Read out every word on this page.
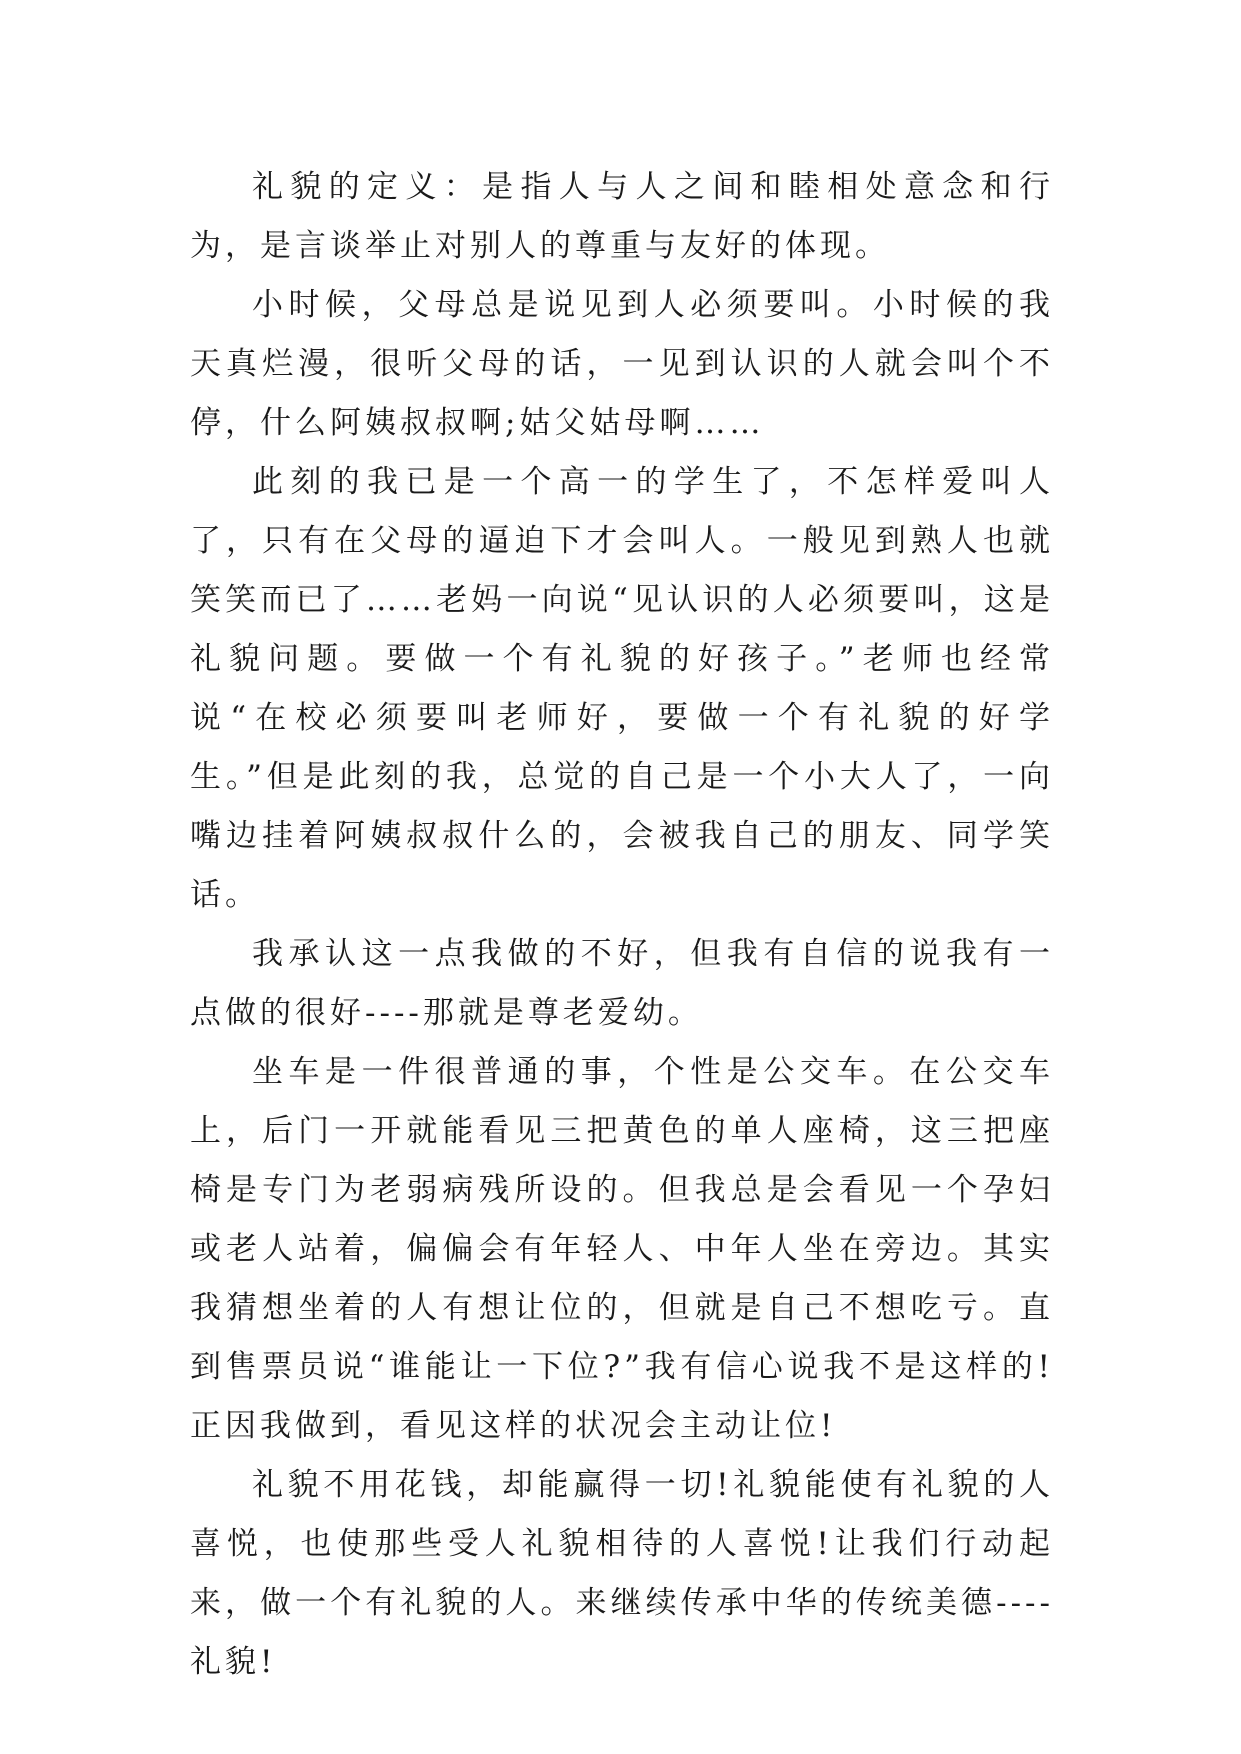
礼貌的定义：是指人与人之间和睦相处意念和行为，是言谈举止对别人的尊重与友好的体现。

小时候，父母总是说见到人必须要叫。小时候的我天真烂漫，很听父母的话，一见到认识的人就会叫个不停，什么阿姨叔叔啊;姑父姑母啊……

此刻的我已是一个高一的学生了，不怎样爱叫人了，只有在父母的逼迫下才会叫人。一般见到熟人也就笑笑而已了……老妈一向说“见认识的人必须要叫，这是礼貌问题。要做一个有礼貌的好孩子。”老师也经常说“在校必须要叫老师好，要做一个有礼貌的好学生。”但是此刻的我，总觉的自己是一个小大人了，一向嘴边挂着阿姨叔叔什么的，会被我自己的朋友、同学笑话。

我承认这一点我做的不好，但我有自信的说我有一点做的很好----那就是尊老爱幼。

坐车是一件很普通的事，个性是公交车。在公交车上，后门一开就能看见三把黄色的单人座椅，这三把座椅是专门为老弱病残所设的。但我总是会看见一个孕妇或老人站着，偏偏会有年轻人、中年人坐在旁边。其实我猜想坐着的人有想让位的，但就是自己不想吃亏。直到售票员说“谁能让一下位?”我有信心说我不是这样的!正因我做到，看见这样的状况会主动让位!

礼貌不用花钱，却能赢得一切!礼貌能使有礼貌的人喜悦，也使那些受人礼貌相待的人喜悦!让我们行动起来，做一个有礼貌的人。来继续传承中华的传统美德----礼貌!
